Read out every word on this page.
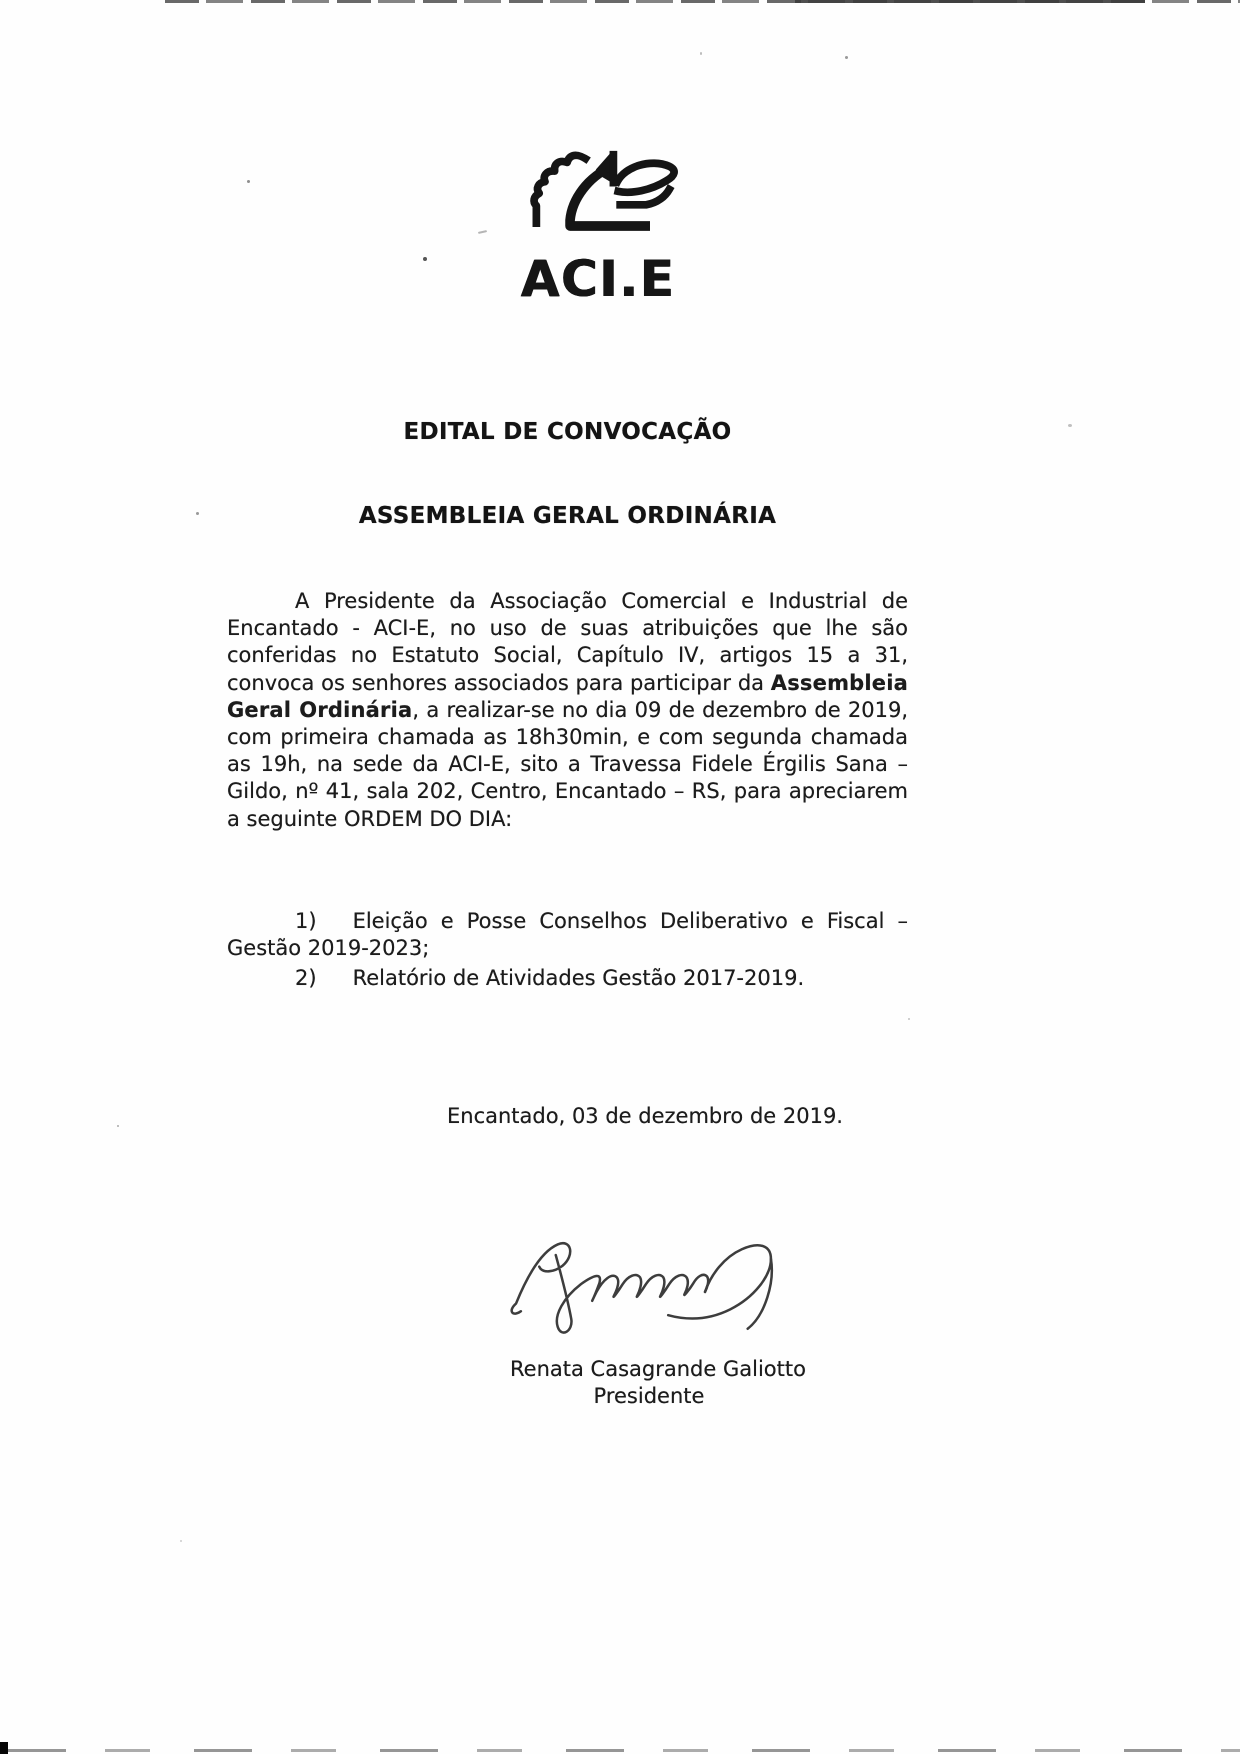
ACI.E
EDITAL DE CONVOCAÇÃO
ASSEMBLEIA GERAL ORDINÁRIA

A Presidente da Associação Comercial e Industrial de Encantado - ACI-E, no uso de suas atribuições que lhe são conferidas no Estatuto Social, Capítulo IV, artigos 15 a 31, convoca os senhores associados para participar da Assembleia Geral Ordinária, a realizar-se no dia 09 de dezembro de 2019, com primeira chamada as 18h30min, e com segunda chamada as 19h, na sede da ACI-E, sito a Travessa Fidele Érgilis Sana – Gildo, nº 41, sala 202, Centro, Encantado – RS, para apreciarem a seguinte ORDEM DO DIA:

1) Eleição e Posse Conselhos Deliberativo e Fiscal – Gestão 2019-2023;

2) Relatório de Atividades Gestão 2017-2019.

Encantado, 03 de dezembro de 2019.
Renata Casagrande Galiotto
Presidente
